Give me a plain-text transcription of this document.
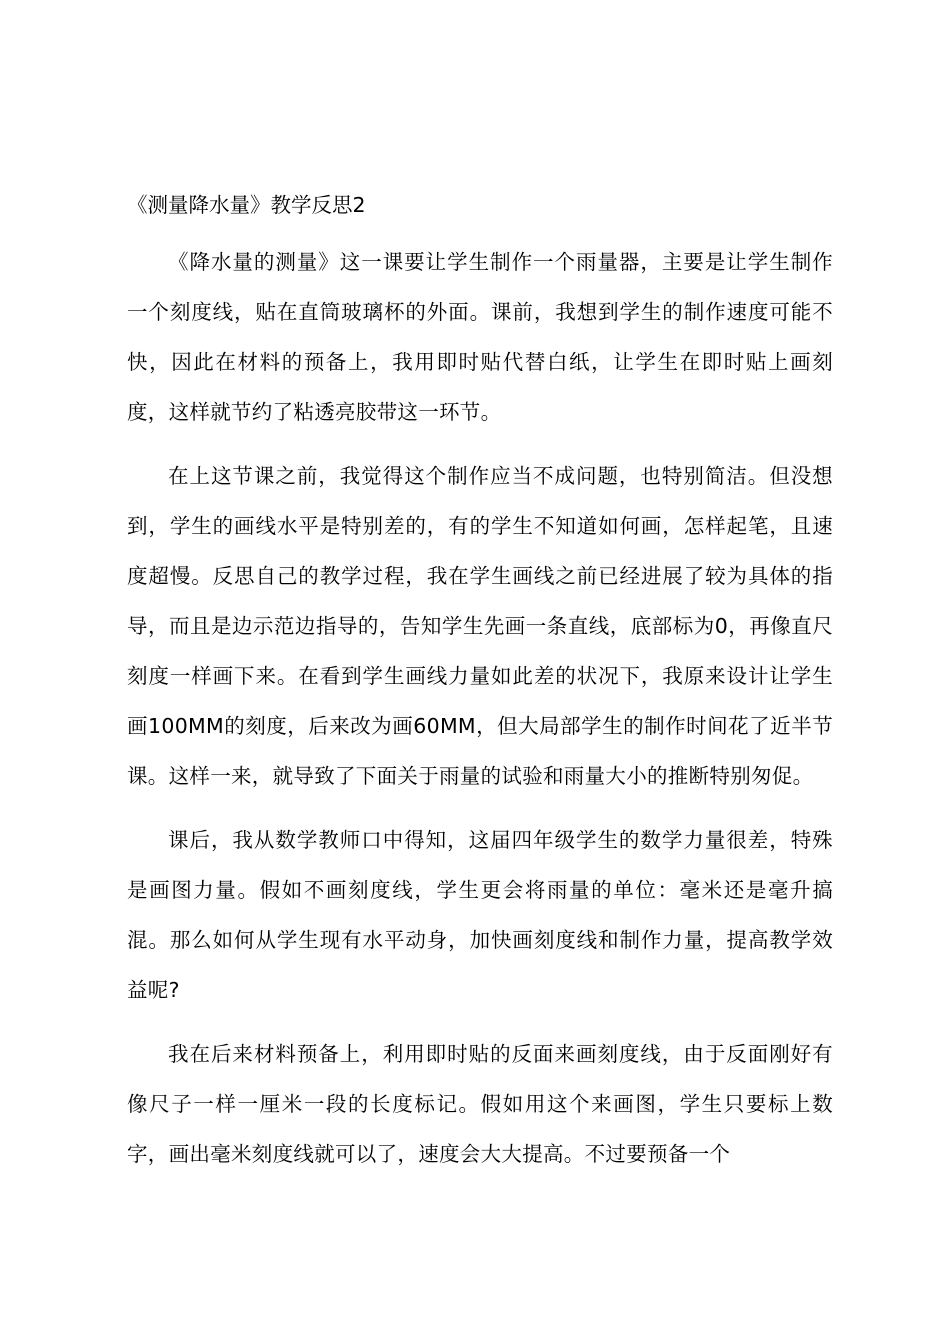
《测量降水量》教学反思2

《降水量的测量》这一课要让学生制作一个雨量器，主要是让学生制作一个刻度线，贴在直筒玻璃杯的外面。课前，我想到学生的制作速度可能不快，因此在材料的预备上，我用即时贴代替白纸，让学生在即时贴上画刻度，这样就节约了粘透亮胶带这一环节。

在上这节课之前，我觉得这个制作应当不成问题，也特别简洁。但没想到，学生的画线水平是特别差的，有的学生不知道如何画，怎样起笔，且速度超慢。反思自己的教学过程，我在学生画线之前已经进展了较为具体的指导，而且是边示范边指导的，告知学生先画一条直线，底部标为0，再像直尺刻度一样画下来。在看到学生画线力量如此差的状况下，我原来设计让学生画100MM的刻度，后来改为画60MM，但大局部学生的制作时间花了近半节课。这样一来，就导致了下面关于雨量的试验和雨量大小的推断特别匆促。

课后，我从数学教师口中得知，这届四年级学生的数学力量很差，特殊是画图力量。假如不画刻度线，学生更会将雨量的单位：毫米还是毫升搞混。那么如何从学生现有水平动身，加快画刻度线和制作力量，提高教学效益呢?

我在后来材料预备上，利用即时贴的反面来画刻度线，由于反面刚好有像尺子一样一厘米一段的长度标记。假如用这个来画图，学生只要标上数字，画出毫米刻度线就可以了，速度会大大提高。不过要预备一个
